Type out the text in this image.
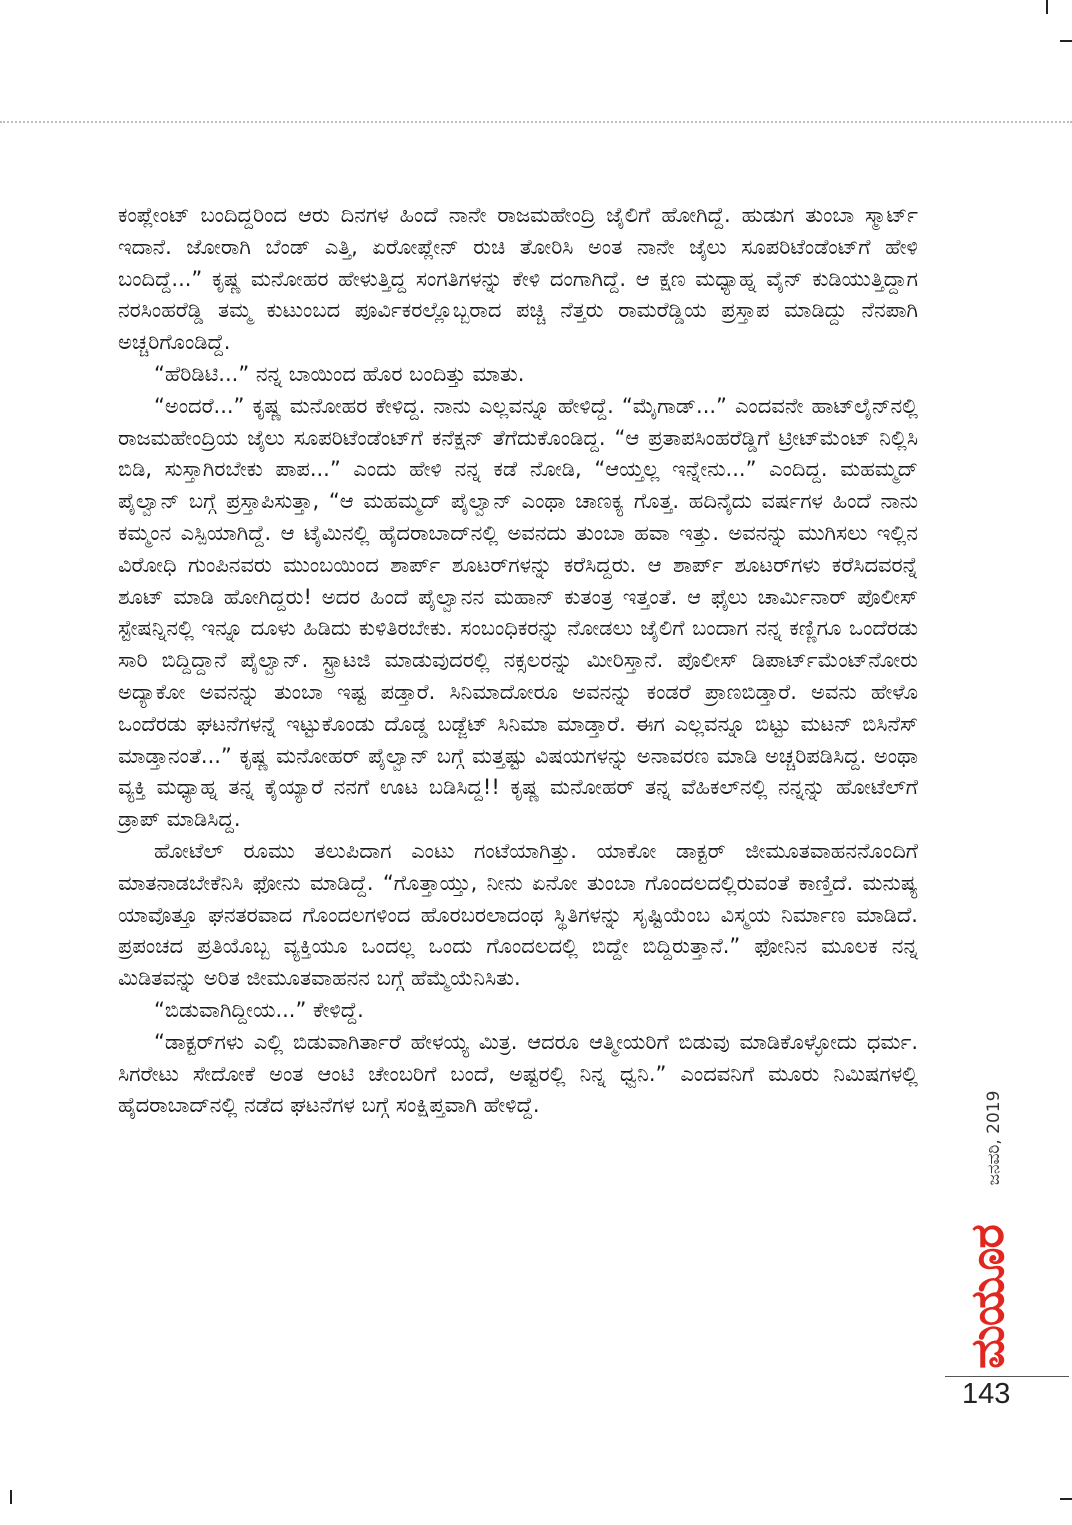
ಕಂಪ್ಲೇಂಟ್ ಬಂದಿದ್ದರಿಂದ ಆರು ದಿನಗಳ ಹಿಂದೆ ನಾನೇ ರಾಜಮಹೇಂದ್ರಿ ಜೈಲಿಗೆ ಹೋಗಿದ್ದೆ. ಹುಡುಗ ತುಂಬಾ ಸ್ಮಾರ್ಟ್ ಇದಾನೆ. ಜೋರಾಗಿ ಬೆಂಡ್ ಎತ್ತಿ, ಏರೋಪ್ಲೇನ್ ರುಚಿ ತೋರಿಸಿ ಅಂತ ನಾನೇ ಜೈಲು ಸೂಪರಿಟೆಂಡೆಂಟ್‌ಗೆ ಹೇಳಿ ಬಂದಿದ್ದೆ...” ಕೃಷ್ಣ ಮನೋಹರ ಹೇಳುತ್ತಿದ್ದ ಸಂಗತಿಗಳನ್ನು ಕೇಳಿ ದಂಗಾಗಿದ್ದೆ. ಆ ಕ್ಷಣ ಮಧ್ಯಾಹ್ನ ವೈನ್ ಕುಡಿಯುತ್ತಿದ್ದಾಗ ನರಸಿಂಹರೆಡ್ಡಿ ತಮ್ಮ ಕುಟುಂಬದ ಪೂರ್ವಿಕರಲ್ಲೊಬ್ಬರಾದ ಪಚ್ಚಿ ನೆತ್ತರು ರಾಮರೆಡ್ಡಿಯ ಪ್ರಸ್ತಾಪ ಮಾಡಿದ್ದು ನೆನಪಾಗಿ ಅಚ್ಚರಿಗೊಂಡಿದ್ದೆ.

“ಹೆರಿಡಿಟಿ...” ನನ್ನ ಬಾಯಿಂದ ಹೊರ ಬಂದಿತ್ತು ಮಾತು.

“ಅಂದರೆ...” ಕೃಷ್ಣ ಮನೋಹರ ಕೇಳಿದ್ದ. ನಾನು ಎಲ್ಲವನ್ನೂ ಹೇಳಿದ್ದೆ. “ಮೈಗಾಡ್...” ಎಂದವನೇ ಹಾಟ್‌ಲೈನ್‌ನಲ್ಲಿ ರಾಜಮಹೇಂದ್ರಿಯ ಜೈಲು ಸೂಪರಿಟೆಂಡೆಂಟ್‌ಗೆ ಕನೆಕ್ಷನ್ ತೆಗೆದುಕೊಂಡಿದ್ದ. “ಆ ಪ್ರತಾಪಸಿಂಹರೆಡ್ಡಿಗೆ ಟ್ರೀಟ್‌ಮೆಂಟ್ ನಿಲ್ಲಿಸಿ ಬಿಡಿ, ಸುಸ್ತಾಗಿರಬೇಕು ಪಾಪ...” ಎಂದು ಹೇಳಿ ನನ್ನ ಕಡೆ ನೋಡಿ, “ಆಯ್ತಲ್ಲ ಇನ್ನೇನು...” ಎಂದಿದ್ದ. ಮಹಮ್ಮದ್ ಪೈಲ್ವಾನ್ ಬಗ್ಗೆ ಪ್ರಸ್ತಾಪಿಸುತ್ತಾ, “ಆ ಮಹಮ್ಮದ್ ಪೈಲ್ವಾನ್ ಎಂಥಾ ಚಾಣಕ್ಯ ಗೊತ್ತ. ಹದಿನೈದು ವರ್ಷಗಳ ಹಿಂದೆ ನಾನು ಕಮ್ಮಂನ ಎಸ್ಪಿಯಾಗಿದ್ದೆ. ಆ ಟೈಮಿನಲ್ಲಿ ಹೈದರಾಬಾದ್‌ನಲ್ಲಿ ಅವನದು ತುಂಬಾ ಹವಾ ಇತ್ತು. ಅವನನ್ನು ಮುಗಿಸಲು ಇಲ್ಲಿನ ವಿರೋಧಿ ಗುಂಪಿನವರು ಮುಂಬಯಿಂದ ಶಾರ್ಪ್ ಶೂಟರ್‌ಗಳನ್ನು ಕರೆಸಿದ್ದರು. ಆ ಶಾರ್ಪ್ ಶೂಟರ್‌ಗಳು ಕರೆಸಿದವರನ್ನೆ ಶೂಟ್ ಮಾಡಿ ಹೋಗಿದ್ದರು! ಅದರ ಹಿಂದೆ ಪೈಲ್ವಾನನ ಮಹಾನ್ ಕುತಂತ್ರ ಇತ್ತಂತೆ. ಆ ಫೈಲು ಚಾರ್ಮಿನಾರ್ ಪೊಲೀಸ್ ಸ್ಟೇಷನ್ನಿನಲ್ಲಿ ಇನ್ನೂ ದೂಳು ಹಿಡಿದು ಕುಳಿತಿರಬೇಕು. ಸಂಬಂಧಿಕರನ್ನು ನೋಡಲು ಜೈಲಿಗೆ ಬಂದಾಗ ನನ್ನ ಕಣ್ಣಿಗೂ ಒಂದೆರಡು ಸಾರಿ ಬಿದ್ದಿದ್ದಾನೆ ಪೈಲ್ವಾನ್. ಸ್ಟ್ರಾಟಜಿ ಮಾಡುವುದರಲ್ಲಿ ನಕ್ಸಲರನ್ನು ಮೀರಿಸ್ತಾನೆ. ಪೊಲೀಸ್ ಡಿಪಾರ್ಟ್‌ಮೆಂಟ್‌ನೋರು ಅದ್ಯಾಕೋ ಅವನನ್ನು ತುಂಬಾ ಇಷ್ಟ ಪಡ್ತಾರೆ. ಸಿನಿಮಾದೋರೂ ಅವನನ್ನು ಕಂಡರೆ ಪ್ರಾಣಬಿಡ್ತಾರೆ. ಅವನು ಹೇಳೊ ಒಂದೆರಡು ಘಟನೆಗಳನ್ನೆ ಇಟ್ಟುಕೊಂಡು ದೊಡ್ಡ ಬಡ್ಜೆಟ್ ಸಿನಿಮಾ ಮಾಡ್ತಾರೆ. ಈಗ ಎಲ್ಲವನ್ನೂ ಬಿಟ್ಟು ಮಟನ್ ಬಿಸಿನೆಸ್ ಮಾಡ್ತಾನಂತೆ...” ಕೃಷ್ಣ ಮನೋಹರ್ ಪೈಲ್ವಾನ್ ಬಗ್ಗೆ ಮತ್ತಷ್ಟು ವಿಷಯಗಳನ್ನು ಅನಾವರಣ ಮಾಡಿ ಅಚ್ಚರಿಪಡಿಸಿದ್ದ. ಅಂಥಾ ವ್ಯಕ್ತಿ ಮಧ್ಯಾಹ್ನ ತನ್ನ ಕೈಯ್ಯಾರೆ ನನಗೆ ಊಟ ಬಡಿಸಿದ್ದ!! ಕೃಷ್ಣ ಮನೋಹರ್ ತನ್ನ ವೆಹಿಕಲ್‌ನಲ್ಲಿ ನನ್ನನ್ನು ಹೋಟೆಲ್‌ಗೆ ಡ್ರಾಪ್ ಮಾಡಿಸಿದ್ದ.

ಹೋಟೆಲ್ ರೂಮು ತಲುಪಿದಾಗ ಎಂಟು ಗಂಟೆಯಾಗಿತ್ತು. ಯಾಕೋ ಡಾಕ್ಟರ್ ಜೀಮೂತವಾಹನನೊಂದಿಗೆ ಮಾತನಾಡಬೇಕೆನಿಸಿ ಫೋನು ಮಾಡಿದ್ದೆ. “ಗೊತ್ತಾಯ್ತು, ನೀನು ಏನೋ ತುಂಬಾ ಗೊಂದಲದಲ್ಲಿರುವಂತೆ ಕಾಣ್ತಿದೆ. ಮನುಷ್ಯ ಯಾವೊತ್ತೂ ಘನತರವಾದ ಗೊಂದಲಗಳಿಂದ ಹೊರಬರಲಾದಂಥ ಸ್ಥಿತಿಗಳನ್ನು ಸೃಷ್ಟಿಯೆಂಬ ವಿಸ್ಮಯ ನಿರ್ಮಾಣ ಮಾಡಿದೆ. ಪ್ರಪಂಚದ ಪ್ರತಿಯೊಬ್ಬ ವ್ಯಕ್ತಿಯೂ ಒಂದಲ್ಲ ಒಂದು ಗೊಂದಲದಲ್ಲಿ ಬಿದ್ದೇ ಬಿದ್ದಿರುತ್ತಾನೆ.” ಫೋನಿನ ಮೂಲಕ ನನ್ನ ಮಿಡಿತವನ್ನು ಅರಿತ ಜೀಮೂತವಾಹನನ ಬಗ್ಗೆ ಹೆಮ್ಮೆಯೆನಿಸಿತು.

“ಬಿಡುವಾಗಿದ್ದೀಯ...” ಕೇಳಿದ್ದೆ.

“ಡಾಕ್ಟರ್‌ಗಳು ಎಲ್ಲಿ ಬಿಡುವಾಗಿರ್ತಾರೆ ಹೇಳಯ್ಯ ಮಿತ್ರ. ಆದರೂ ಆತ್ಮೀಯರಿಗೆ ಬಿಡುವು ಮಾಡಿಕೊಳ್ಳೋದು ಧರ್ಮ. ಸಿಗರೇಟು ಸೇದೋಕೆ ಅಂತ ಆಂಟಿ ಚೇಂಬರಿಗೆ ಬಂದೆ, ಅಷ್ಟರಲ್ಲಿ ನಿನ್ನ ಧ್ವನಿ.” ಎಂದವನಿಗೆ ಮೂರು ನಿಮಿಷಗಳಲ್ಲಿ ಹೈದರಾಬಾದ್‌ನಲ್ಲಿ ನಡೆದ ಘಟನೆಗಳ ಬಗ್ಗೆ ಸಂಕ್ಷಿಪ್ತವಾಗಿ ಹೇಳಿದ್ದೆ.	ಜನವರಿ, 2019
ಮಯೂರ
143
